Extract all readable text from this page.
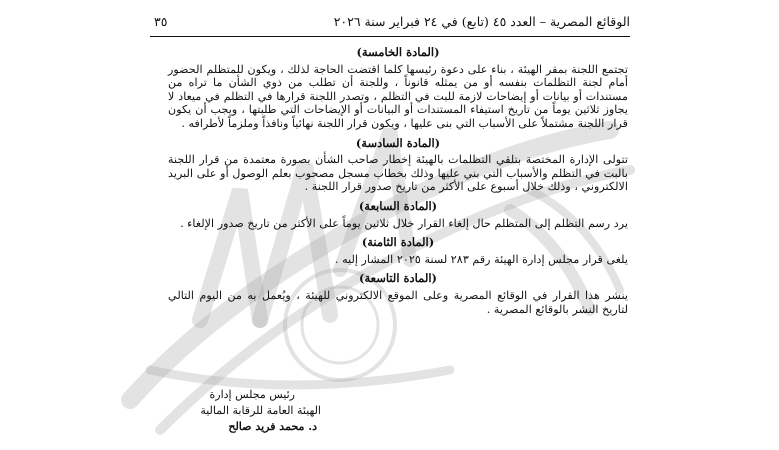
الوقائع المصرية – العدد ٤٥ (تابع) في ٢٤ فبراير سنة ٢٠٢٦
٣٥
(المادة الخامسة)

تجتمع اللجنة بمقر الهيئة ، بناء على دعوة رئيسها كلما اقتضت الحاجة لذلك ، ويكون للمتظلم الحضور أمام لجنة التظلمات بنفسه أو من يمثله قانوناً ، وللجنة أن تطلب من ذوي الشأن ما تراه من مستندات أو بيانات أو إيضاحات لازمة للبت في التظلم ، وتصدر اللجنة قرارها في التظلم في ميعاد لا يجاوز ثلاثين يوماً من تاريخ استيفاء المستندات أو البيانات أو الإيضاحات التي طلبتها ، ويجب أن يكون قرار اللجنة مشتملاً على الأسباب التي بنى عليها ، ويكون قرار اللجنة نهائياً ونافذاً وملزماً لأطرافه .

(المادة السادسة)

تتولى الإدارة المختصة بتلقي التظلمات بالهيئة إخطار صاحب الشأن بصورة معتمدة من قرار اللجنة بالبت في التظلم والأسباب التي بني عليها وذلك بخطاب مسجل مصحوب بعلم الوصول أو على البريد الالكتروني ، وذلك خلال أسبوع على الأكثر من تاريخ صدور قرار اللجنة .

(المادة السابعة)

يرد رسم التظلم إلى المتظلم حال إلغاء القرار خلال ثلاثين يوماً على الأكثر من تاريخ صدور الإلغاء .

(المادة الثامنة)

يلغى قرار مجلس إدارة الهيئة رقم ٢٨٣ لسنة ٢٠٢٥ المشار إليه .

(المادة التاسعة)

ينشر هذا القرار في الوقائع المصرية وعلى الموقع الالكتروني للهيئة ، ويُعمل به من اليوم التالي لتاريخ النشر بالوقائع المصرية .

رئيس مجلس إدارة
الهيئة العامة للرقابة المالية
د. محمد فريد صالح
